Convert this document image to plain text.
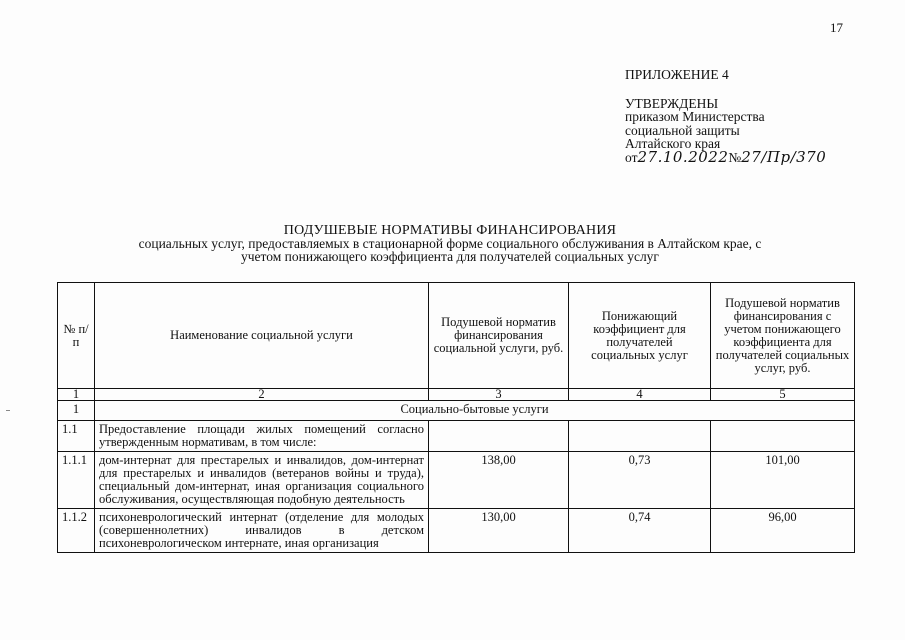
17
ПРИЛОЖЕНИЕ 4
УТВЕРЖДЕНЫ
приказом Министерства
социальной защиты
Алтайского края
от27.10.2022№27/Пр/370
ПОДУШЕВЫЕ НОРМАТИВЫ ФИНАНСИРОВАНИЯ
социальных услуг, предоставляемых в стационарной форме социального обслуживания в Алтайском крае, с
учетом понижающего коэффициента для получателей социальных услуг
№ п/п	Наименование социальной услуги	Подушевой норматив финансирования социальной услуги, руб.	Понижающий коэффициент для получателей социальных услуг	Подушевой норматив финансирования с учетом понижающего коэффициента для получателей социальных услуг, руб.
1	2	3	4	5
1	Социально-бытовые услуги			
1.1	Предоставление площади жилых помещений согласно утвержденным нормативам, в том числе:			
1.1.1	дом-интернат для престарелых и инвалидов, дом-интернат для престарелых и инвалидов (ветеранов войны и труда), специальный дом-интернат, иная организация социального обслуживания, осуществляющая подобную деятельность	138,00	0,73	101,00
1.1.2	психоневрологический интернат (отделение для молодых (совершеннолетних) инвалидов в детском психоневрологическом интернате, иная организация	130,00	0,74	96,00
